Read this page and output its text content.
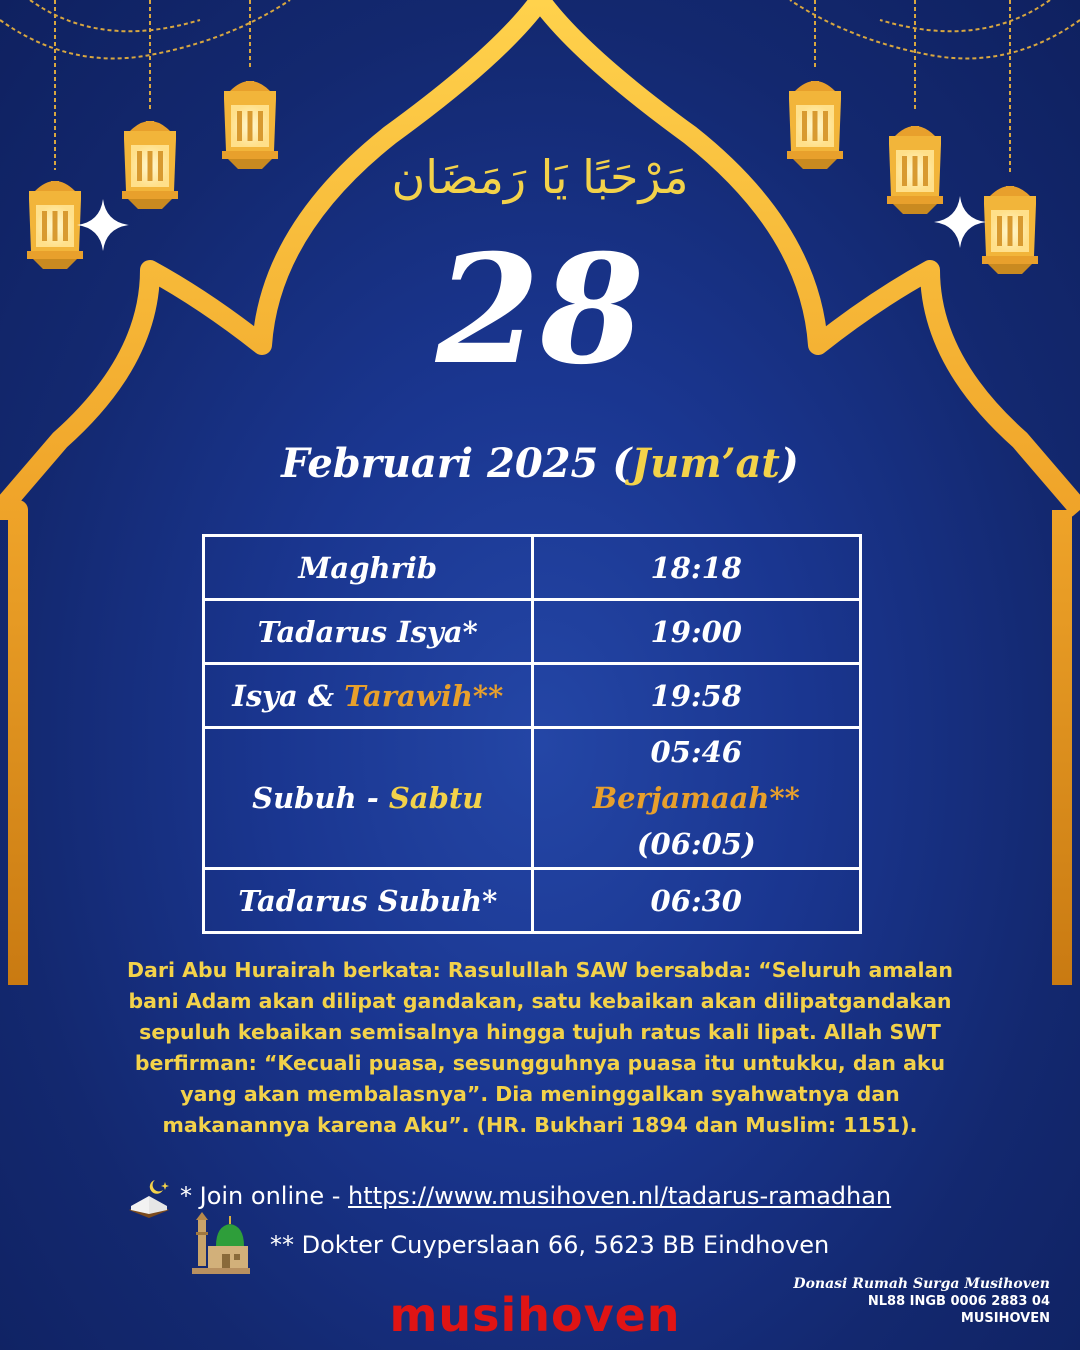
مَرْحَبًا يَا رَمَضَان
28
Februari 2025 (Jum’at)
Maghrib	18:18
Tadarus Isya*	19:00
Isya & Tarawih**	19:58
Subuh - Sabtu	05:46
Berjamaah**(06:05)

Tadarus Subuh*	06:30
Dari Abu Hurairah berkata: Rasulullah SAW bersabda: “Seluruh amalan bani Adam akan dilipat gandakan, satu kebaikan akan dilipatgandakan sepuluh kebaikan semisalnya hingga tujuh ratus kali lipat. Allah SWT berfirman: “Kecuali puasa, sesungguhnya puasa itu untukku, dan aku yang akan membalasnya”. Dia meninggalkan syahwatnya dan makanannya karena Aku”. (HR. Bukhari 1894 dan Muslim: 1151).
* Join online - https://www.musihoven.nl/tadarus-ramadhan
** Dokter Cuyperslaan 66, 5623 BB Eindhoven
musihoven
Donasi Rumah Surga Musihoven
NL88 INGB 0006 2883 04
MUSIHOVEN
